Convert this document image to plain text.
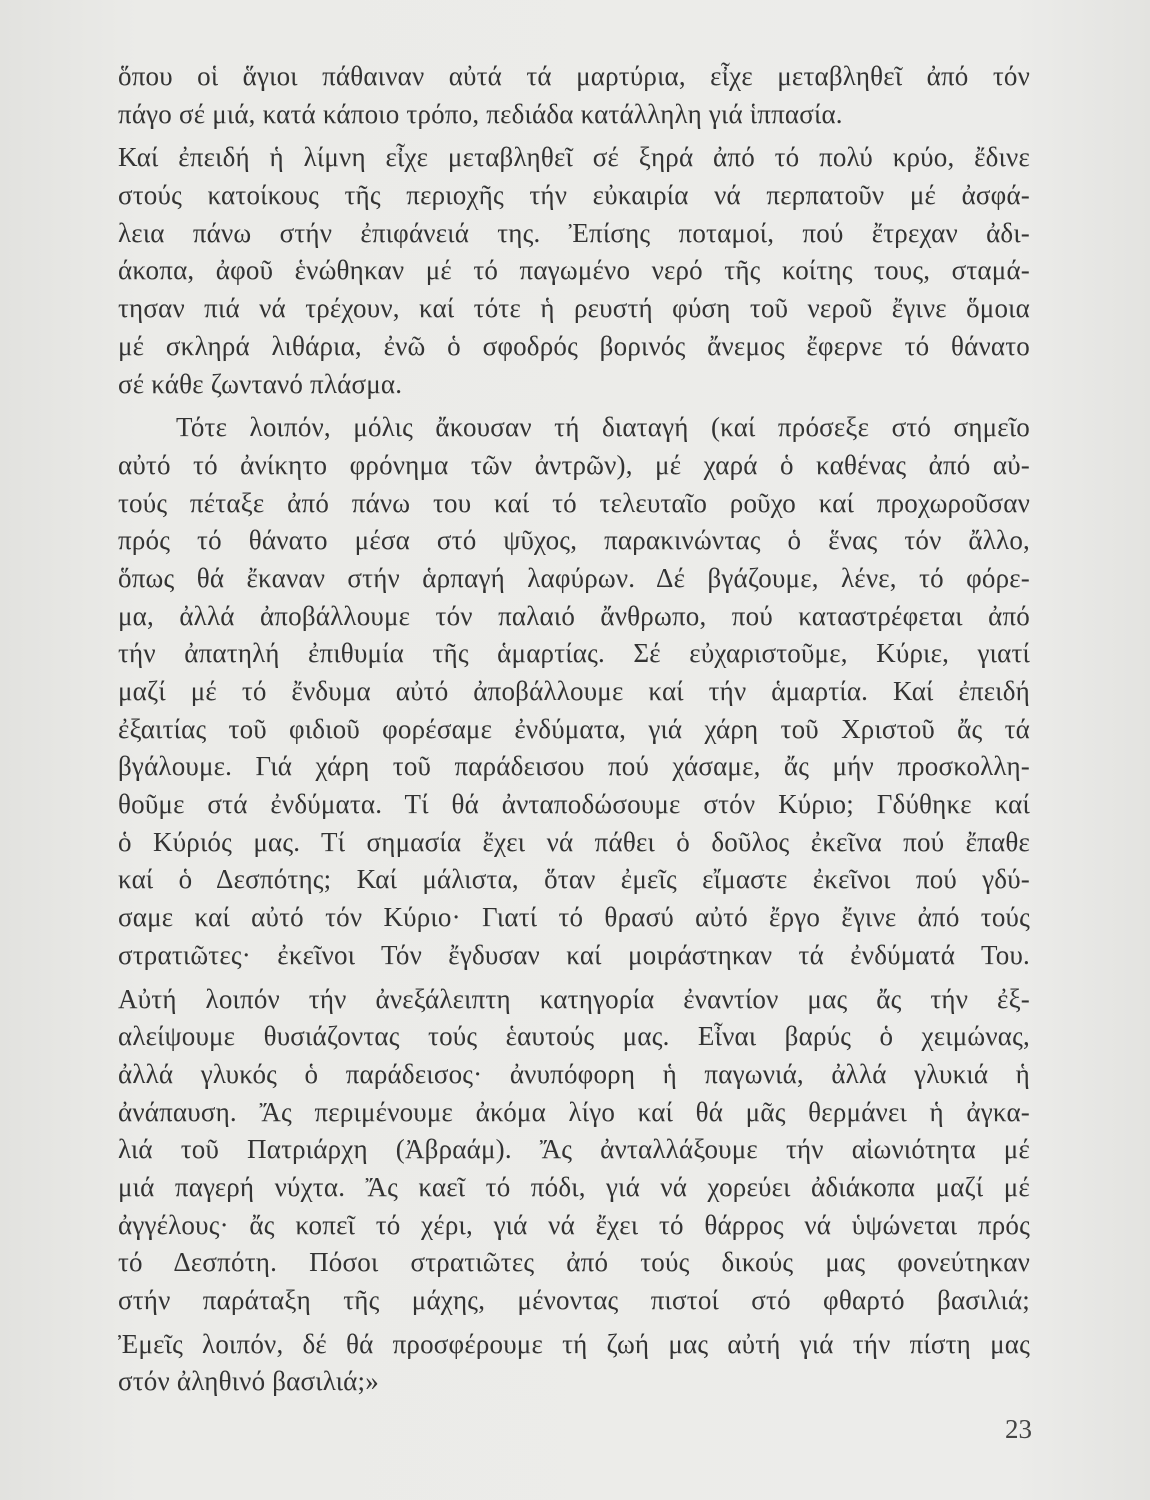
ὅπου οἱ ἅγιοι πάθαιναν αὐτά τά μαρτύρια, εἶχε μεταβληθεῖ ἀπό τόν
πάγο σέ μιά, κατά κάποιο τρόπο, πεδιάδα κατάλληλη γιά ἱππασία.
Καί ἐπειδή ἡ λίμνη εἶχε μεταβληθεῖ σέ ξηρά ἀπό τό πολύ κρύο, ἔδινε
στούς κατοίκους τῆς περιοχῆς τήν εὐκαιρία νά περπατοῦν μέ ἀσφά-
λεια πάνω στήν ἐπιφάνειά της. Ἐπίσης ποταμοί, πού ἔτρεχαν ἀδι-
άκοπα, ἀφοῦ ἑνώθηκαν μέ τό παγωμένο νερό τῆς κοίτης τους, σταμά-
τησαν πιά νά τρέχουν, καί τότε ἡ ρευστή φύση τοῦ νεροῦ ἔγινε ὅμοια
μέ σκληρά λιθάρια, ἐνῶ ὁ σφοδρός βορινός ἄνεμος ἔφερνε τό θάνατο
σέ κάθε ζωντανό πλάσμα.
Τότε λοιπόν, μόλις ἄκουσαν τή διαταγή (καί πρόσεξε στό σημεῖο
αὐτό τό ἀνίκητο φρόνημα τῶν ἀντρῶν), μέ χαρά ὁ καθένας ἀπό αὐ-
τούς πέταξε ἀπό πάνω του καί τό τελευταῖο ροῦχο καί προχωροῦσαν
πρός τό θάνατο μέσα στό ψῦχος, παρακινώντας ὁ ἕνας τόν ἄλλο,
ὅπως θά ἔκαναν στήν ἁρπαγή λαφύρων. Δέ βγάζουμε, λένε, τό φόρε-
μα, ἀλλά ἀποβάλλουμε τόν παλαιό ἄνθρωπο, πού καταστρέφεται ἀπό
τήν ἀπατηλή ἐπιθυμία τῆς ἁμαρτίας. Σέ εὐχαριστοῦμε, Κύριε, γιατί
μαζί μέ τό ἔνδυμα αὐτό ἀποβάλλουμε καί τήν ἁμαρτία. Καί ἐπειδή
ἐξαιτίας τοῦ φιδιοῦ φορέσαμε ἐνδύματα, γιά χάρη τοῦ Χριστοῦ ἄς τά
βγάλουμε. Γιά χάρη τοῦ παράδεισου πού χάσαμε, ἄς μήν προσκολλη-
θοῦμε στά ἐνδύματα. Τί θά ἀνταποδώσουμε στόν Κύριο; Γδύθηκε καί
ὁ Κύριός μας. Τί σημασία ἔχει νά πάθει ὁ δοῦλος ἐκεῖνα πού ἔπαθε
καί ὁ Δεσπότης; Καί μάλιστα, ὅταν ἐμεῖς εἴμαστε ἐκεῖνοι πού γδύ-
σαμε καί αὐτό τόν Κύριο· Γιατί τό θρασύ αὐτό ἔργο ἔγινε ἀπό τούς
στρατιῶτες· ἐκεῖνοι Τόν ἔγδυσαν καί μοιράστηκαν τά ἐνδύματά Του.
Αὐτή λοιπόν τήν ἀνεξάλειπτη κατηγορία ἐναντίον μας ἄς τήν ἐξ-
αλείψουμε θυσιάζοντας τούς ἑαυτούς μας. Εἶναι βαρύς ὁ χειμώνας,
ἀλλά γλυκός ὁ παράδεισος· ἀνυπόφορη ἡ παγωνιά, ἀλλά γλυκιά ἡ
ἀνάπαυση. Ἄς περιμένουμε ἀκόμα λίγο καί θά μᾶς θερμάνει ἡ ἀγκα-
λιά τοῦ Πατριάρχη (Ἀβραάμ). Ἄς ἀνταλλάξουμε τήν αἰωνιότητα μέ
μιά παγερή νύχτα. Ἄς καεῖ τό πόδι, γιά νά χορεύει ἀδιάκοπα μαζί μέ
ἀγγέλους· ἄς κοπεῖ τό χέρι, γιά νά ἔχει τό θάρρος νά ὑψώνεται πρός
τό Δεσπότη. Πόσοι στρατιῶτες ἀπό τούς δικούς μας φονεύτηκαν
στήν παράταξη τῆς μάχης, μένοντας πιστοί στό φθαρτό βασιλιά;
Ἐμεῖς λοιπόν, δέ θά προσφέρουμε τή ζωή μας αὐτή γιά τήν πίστη μας
στόν ἀληθινό βασιλιά;»
23
